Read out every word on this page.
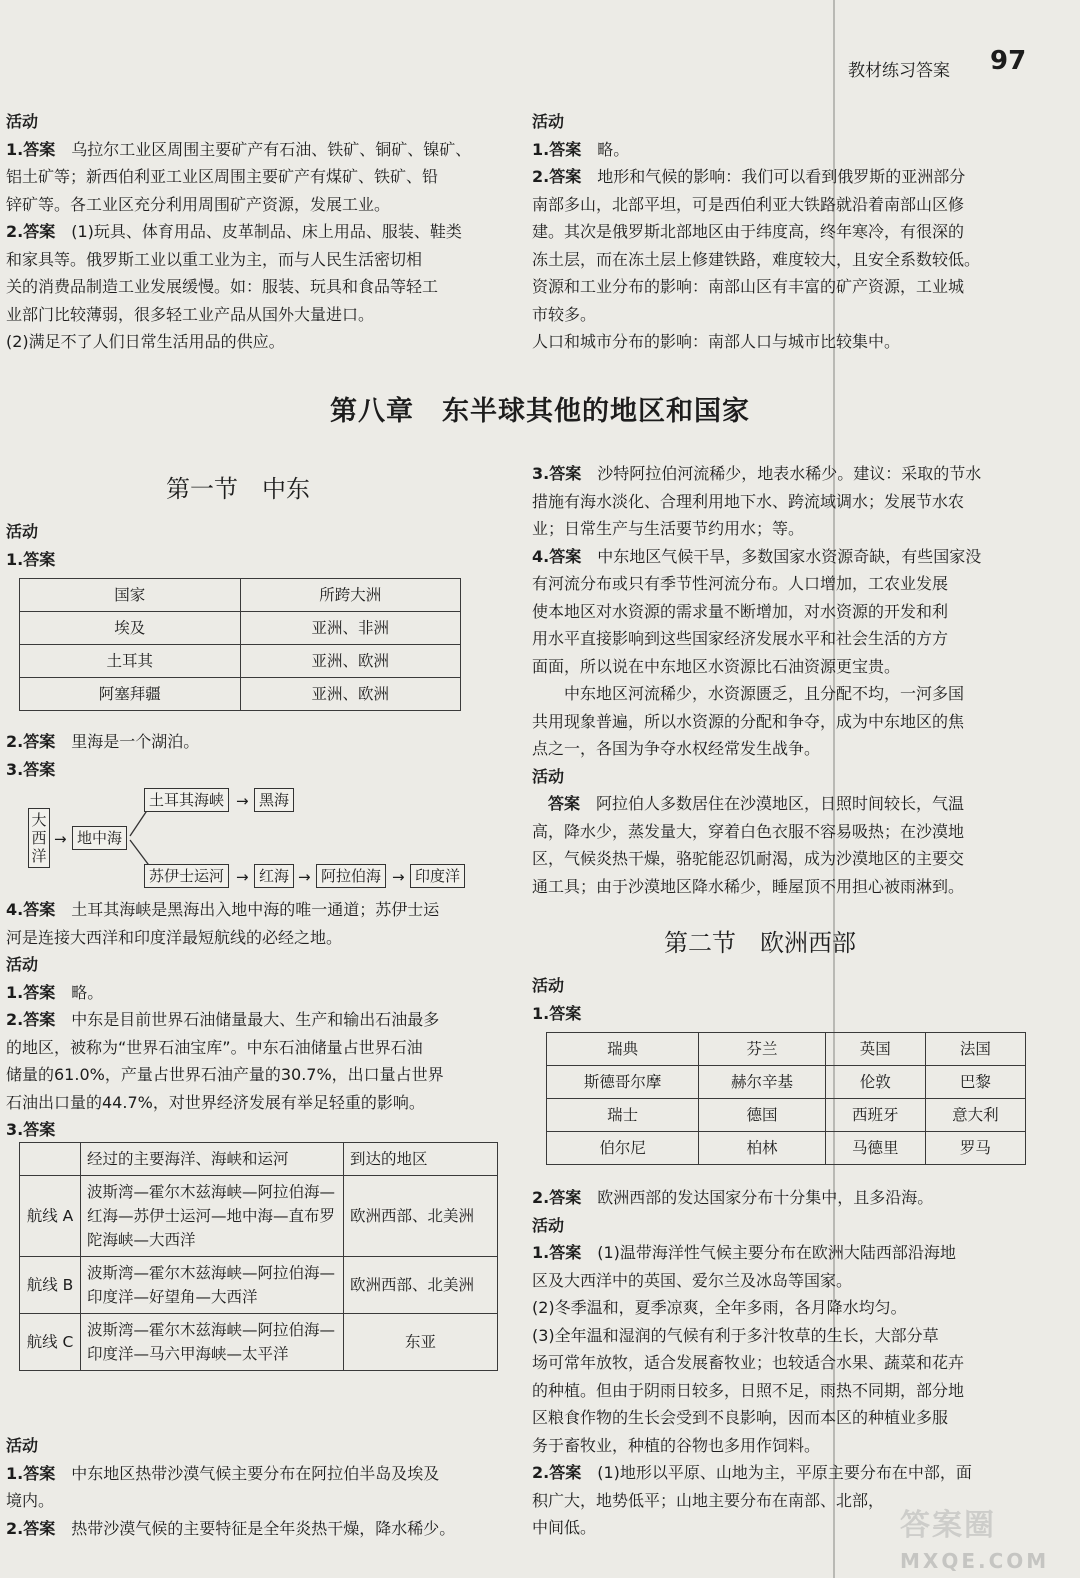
教材练习答案 97

活动

1.答案　乌拉尔工业区周围主要矿产有石油、铁矿、铜矿、镍矿、

铝土矿等；新西伯利亚工业区周围主要矿产有煤矿、铁矿、铅

锌矿等。各工业区充分利用周围矿产资源，发展工业。

2.答案　(1)玩具、体育用品、皮革制品、床上用品、服装、鞋类

和家具等。俄罗斯工业以重工业为主，而与人民生活密切相

关的消费品制造工业发展缓慢。如：服装、玩具和食品等轻工

业部门比较薄弱，很多轻工业产品从国外大量进口。

(2)满足不了人们日常生活用品的供应。

活动

1.答案　略。

2.答案　地形和气候的影响：我们可以看到俄罗斯的亚洲部分

南部多山，北部平坦，可是西伯利亚大铁路就沿着南部山区修

建。其次是俄罗斯北部地区由于纬度高，终年寒冷，有很深的

冻土层，而在冻土层上修建铁路，难度较大，且安全系数较低。

资源和工业分布的影响：南部山区有丰富的矿产资源，工业城

市较多。

人口和城市分布的影响：南部人口与城市比较集中。

第八章　东半球其他的地区和国家
第一节　中东

活动

1.答案

国家	所跨大洲
埃及	亚洲、非洲
土耳其	亚洲、欧洲
阿塞拜疆	亚洲、欧洲

2.答案　里海是一个湖泊。

3.答案

大西洋
→ 地中海
土耳其海峡 → 黑海
苏伊士运河 → 红海 → 阿拉伯海 → 印度洋

4.答案　土耳其海峡是黑海出入地中海的唯一通道；苏伊士运

河是连接大西洋和印度洋最短航线的必经之地。

活动

1.答案　略。

2.答案　中东是目前世界石油储量最大、生产和输出石油最多

的地区，被称为“世界石油宝库”。中东石油储量占世界石油

储量的61.0%，产量占世界石油产量的30.7%，出口量占世界

石油出口量的44.7%，对世界经济发展有举足轻重的影响。

3.答案

	经过的主要海洋、海峡和运河	到达的地区
航线 A	波斯湾—霍尔木兹海峡—阿拉伯海—红海—苏伊士运河—地中海—直布罗陀海峡—大西洋	欧洲西部、北美洲
航线 B	波斯湾—霍尔木兹海峡—阿拉伯海—印度洋—好望角—大西洋	欧洲西部、北美洲
航线 C	波斯湾—霍尔木兹海峡—阿拉伯海—印度洋—马六甲海峡—太平洋	东亚

活动

1.答案　中东地区热带沙漠气候主要分布在阿拉伯半岛及埃及

境内。

2.答案　热带沙漠气候的主要特征是全年炎热干燥，降水稀少。

3.答案　沙特阿拉伯河流稀少，地表水稀少。建议：采取的节水

措施有海水淡化、合理利用地下水、跨流域调水；发展节水农

业；日常生产与生活要节约用水；等。

4.答案　中东地区气候干旱，多数国家水资源奇缺，有些国家没

有河流分布或只有季节性河流分布。人口增加，工农业发展

使本地区对水资源的需求量不断增加，对水资源的开发和利

用水平直接影响到这些国家经济发展水平和社会生活的方方

面面，所以说在中东地区水资源比石油资源更宝贵。

　　中东地区河流稀少，水资源匮乏，且分配不均，一河多国

共用现象普遍，所以水资源的分配和争夺，成为中东地区的焦

点之一，各国为争夺水权经常发生战争。

活动

　答案　阿拉伯人多数居住在沙漠地区，日照时间较长，气温

高，降水少，蒸发量大，穿着白色衣服不容易吸热；在沙漠地

区，气候炎热干燥，骆驼能忍饥耐渴，成为沙漠地区的主要交

通工具；由于沙漠地区降水稀少，睡屋顶不用担心被雨淋到。

第二节　欧洲西部

活动

1.答案

瑞典	芬兰	英国	法国
斯德哥尔摩	赫尔辛基	伦敦	巴黎
瑞士	德国	西班牙	意大利
伯尔尼	柏林	马德里	罗马

2.答案　欧洲西部的发达国家分布十分集中，且多沿海。

活动

1.答案　(1)温带海洋性气候主要分布在欧洲大陆西部沿海地

区及大西洋中的英国、爱尔兰及冰岛等国家。

(2)冬季温和，夏季凉爽，全年多雨，各月降水均匀。

(3)全年温和湿润的气候有利于多汁牧草的生长，大部分草

场可常年放牧，适合发展畜牧业；也较适合水果、蔬菜和花卉

的种植。但由于阴雨日较多，日照不足，雨热不同期，部分地

区粮食作物的生长会受到不良影响，因而本区的种植业多服

务于畜牧业，种植的谷物也多用作饲料。

2.答案　(1)地形以平原、山地为主，平原主要分布在中部，面

积广大，地势低平；山地主要分布在南部、北部，

中间低。	答案圈
MXQE.COM
